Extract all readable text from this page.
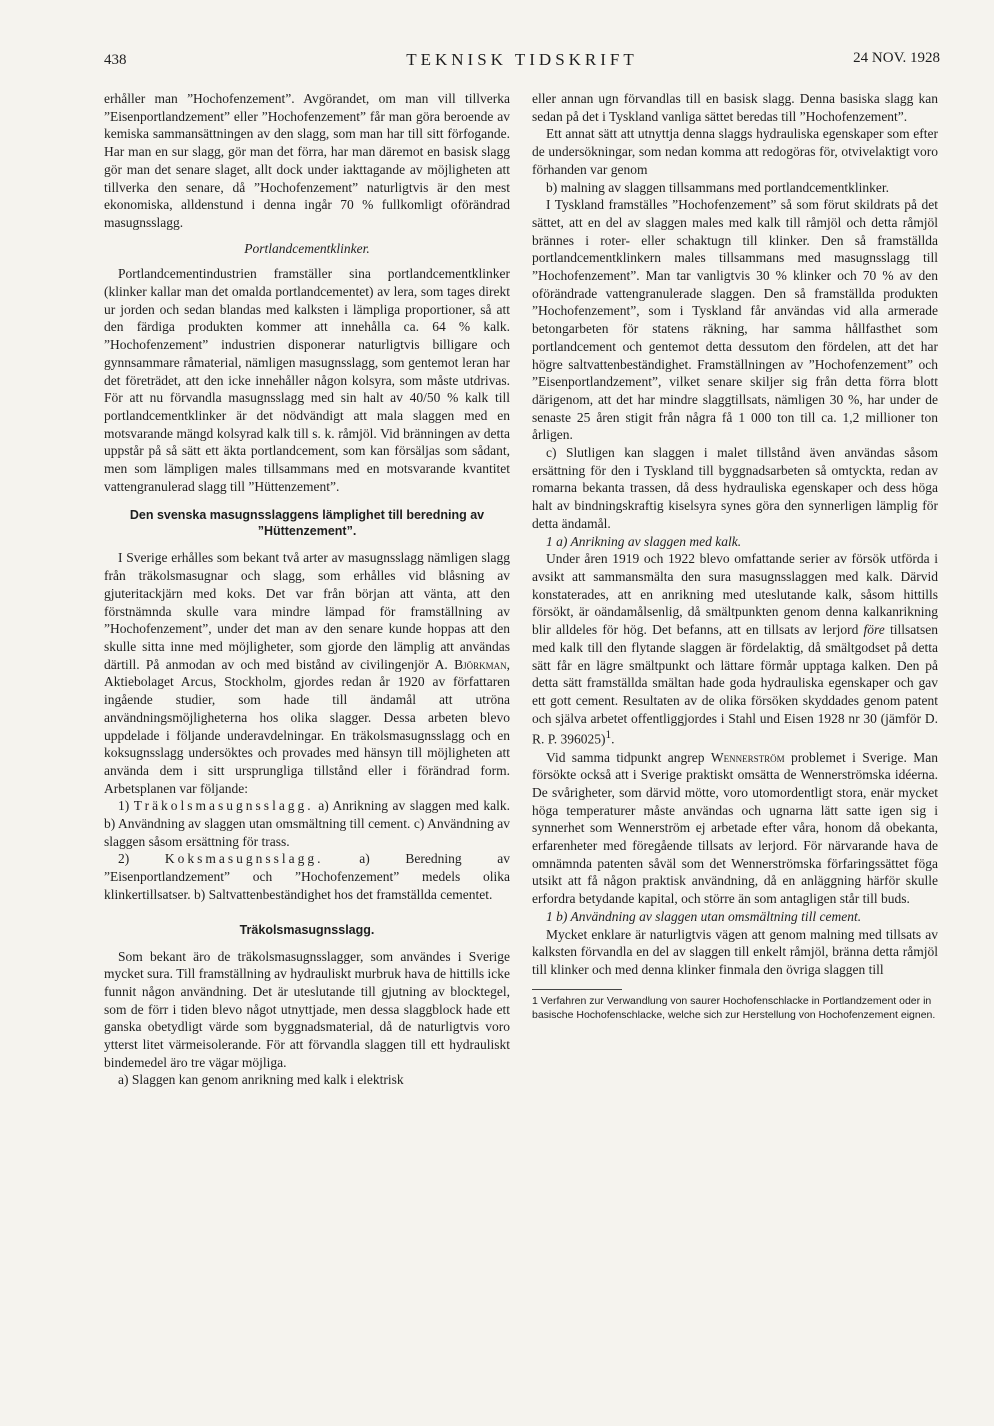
438	TEKNISK TIDSKRIFT	24 NOV. 1928

erhåller man ”Hochofenzement”. Avgörandet, om man vill tillverka ”Eisenportlandzement” eller ”Hochofenzement” får man göra beroende av kemiska sammansättningen av den slagg, som man har till sitt förfogande. Har man en sur slagg, gör man det förra, har man däremot en basisk slagg gör man det senare slaget, allt dock under iakttagande av möjligheten att tillverka den senare, då ”Hochofenzement” naturligtvis är den mest ekonomiska, alldenstund i denna ingår 70 % fullkomligt oförändrad masugnsslagg.

Portlandcementklinker.

Portlandcementindustrien framställer sina portlandcementklinker (klinker kallar man det omalda portlandcementet) av lera, som tages direkt ur jorden och sedan blandas med kalksten i lämpliga proportioner, så att den färdiga produkten kommer att innehålla ca. 64 % kalk. ”Hochofenzement” industrien disponerar naturligtvis billigare och gynnsammare råmaterial, nämligen masugnsslagg, som gentemot leran har det företrädet, att den icke innehåller någon kolsyra, som måste utdrivas. För att nu förvandla masugnsslagg med sin halt av 40/50 % kalk till portlandcementklinker är det nödvändigt att mala slaggen med en motsvarande mängd kolsyrad kalk till s. k. råmjöl. Vid bränningen av detta uppstår på så sätt ett äkta portlandcement, som kan försäljas som sådant, men som lämpligen males tillsammans med en motsvarande kvantitet vattengranulerad slagg till ”Hüttenzement”.

Den svenska masugnsslaggens lämplighet till beredning av ”Hüttenzement”.

I Sverige erhålles som bekant två arter av masugnsslagg nämligen slagg från träkolsmasugnar och slagg, som erhålles vid blåsning av gjuteritackjärn med koks. Det var från början att vänta, att den förstnämnda skulle vara mindre lämpad för framställning av ”Hochofenzement”, under det man av den senare kunde hoppas att den skulle sitta inne med möjligheter, som gjorde den lämplig att användas därtill. På anmodan av och med bistånd av civilingenjör A. Björkman, Aktiebolaget Arcus, Stockholm, gjordes redan år 1920 av författaren ingående studier, som hade till ändamål att utröna användningsmöjligheterna hos olika slagger. Dessa arbeten blevo uppdelade i följande underavdelningar. En träkolsmasugnsslagg och en koksugnsslagg undersöktes och provades med hänsyn till möjligheten att använda dem i sitt ursprungliga tillstånd eller i förändrad form. Arbetsplanen var följande:

1) Träkolsmasugnsslagg. a) Anrikning av slaggen med kalk. b) Användning av slaggen utan omsmältning till cement. c) Användning av slaggen såsom ersättning för trass.

2) Koksmasugnsslagg. a) Beredning av ”Eisenportlandzement” och ”Hochofenzement” medels olika klinkertillsatser. b) Saltvattenbeständighet hos det framställda cementet.

Träkolsmasugnsslagg.

Som bekant äro de träkolsmasugnsslagger, som användes i Sverige mycket sura. Till framställning av hydrauliskt murbruk hava de hittills icke funnit någon användning. Det är uteslutande till gjutning av blocktegel, som de förr i tiden blevo något utnyttjade, men dessa slaggblock hade ett ganska obetydligt värde som byggnadsmaterial, då de naturligtvis voro ytterst litet värmeisolerande. För att förvandla slaggen till ett hydrauliskt bindemedel äro tre vägar möjliga.

a) Slaggen kan genom anrikning med kalk i elektrisk

eller annan ugn förvandlas till en basisk slagg. Denna basiska slagg kan sedan på det i Tyskland vanliga sättet beredas till ”Hochofenzement”.

Ett annat sätt att utnyttja denna slaggs hydrauliska egenskaper som efter de undersökningar, som nedan komma att redogöras för, otvivelaktigt voro förhanden var genom

b) malning av slaggen tillsammans med portlandcementklinker.

I Tyskland framställes ”Hochofenzement” så som förut skildrats på det sättet, att en del av slaggen males med kalk till råmjöl och detta råmjöl brännes i roter- eller schaktugn till klinker. Den så framställda portlandcementklinkern males tillsammans med masugnsslagg till ”Hochofenzement”. Man tar vanligtvis 30 % klinker och 70 % av den oförändrade vattengranulerade slaggen. Den så framställda produkten ”Hochofenzement”, som i Tyskland får användas vid alla armerade betongarbeten för statens räkning, har samma hållfasthet som portlandcement och gentemot detta dessutom den fördelen, att det har högre saltvattenbeständighet. Framställningen av ”Hochofenzement” och ”Eisenportlandzement”, vilket senare skiljer sig från detta förra blott därigenom, att det har mindre slaggtillsats, nämligen 30 %, har under de senaste 25 åren stigit från några få 1 000 ton till ca. 1,2 millioner ton årligen.

c) Slutligen kan slaggen i malet tillstånd även användas såsom ersättning för den i Tyskland till byggnadsarbeten så omtyckta, redan av romarna bekanta trassen, då dess hydrauliska egenskaper och dess höga halt av bindningskraftig kiselsyra synes göra den synnerligen lämplig för detta ändamål.

1 a) Anrikning av slaggen med kalk.

Under åren 1919 och 1922 blevo omfattande serier av försök utförda i avsikt att sammansmälta den sura masugnsslaggen med kalk. Därvid konstaterades, att en anrikning med uteslutande kalk, såsom hittills försökt, är oändamålsenlig, då smältpunkten genom denna kalkanrikning blir alldeles för hög. Det befanns, att en tillsats av lerjord före tillsatsen med kalk till den flytande slaggen är fördelaktig, då smältgodset på detta sätt får en lägre smältpunkt och lättare förmår upptaga kalken. Den på detta sätt framställda smältan hade goda hydrauliska egenskaper och gav ett gott cement. Resultaten av de olika försöken skyddades genom patent och själva arbetet offentliggjordes i Stahl und Eisen 1928 nr 30 (jämför D. R. P. 396025)$^1$.

Vid samma tidpunkt angrep Wennerström problemet i Sverige. Man försökte också att i Sverige praktiskt omsätta de Wennerströmska idéerna. De svårigheter, som därvid mötte, voro utomordentligt stora, enär mycket höga temperaturer måste användas och ugnarna lätt satte igen sig i synnerhet som Wennerström ej arbetade efter våra, honom då obekanta, erfarenheter med föregående tillsats av lerjord. För närvarande hava de omnämnda patenten såväl som det Wennerströmska förfaringssättet föga utsikt att få någon praktisk användning, då en anläggning härför skulle erfordra betydande kapital, och större än som antagligen står till buds.

1 b) Användning av slaggen utan omsmältning till cement.

Mycket enklare är naturligtvis vägen att genom malning med tillsats av kalksten förvandla en del av slaggen till enkelt råmjöl, bränna detta råmjöl till klinker och med denna klinker finmala den övriga slaggen till

1 Verfahren zur Verwandlung von saurer Hochofenschlacke in Portlandzement oder in basische Hochofenschlacke, welche sich zur Herstellung von Hochofenzement eignen.
